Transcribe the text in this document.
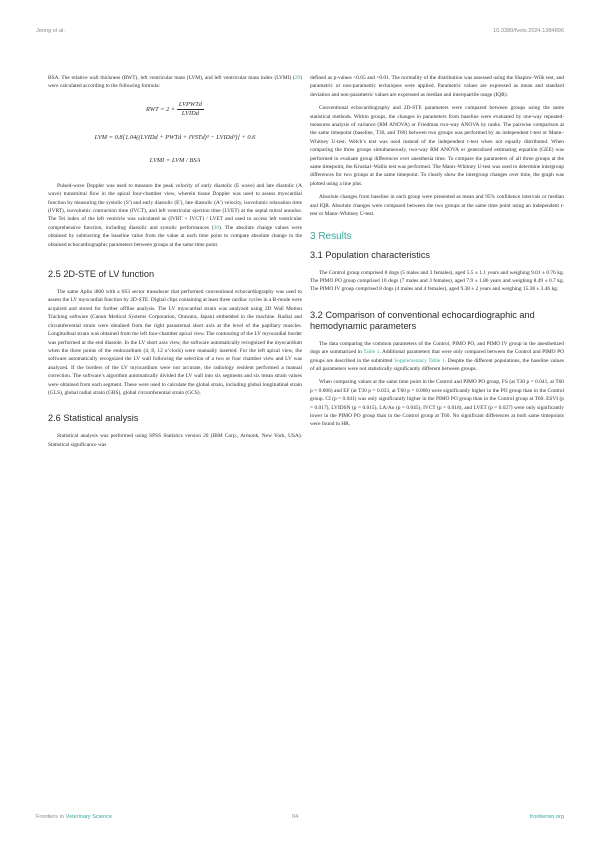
Jeong et al.	10.3389/fvets.2024.1384896

BSA. The relative wall thickness (RWT), left ventricular mass (LVM), and left ventricular mass index (LVMI) (29) were calculated according to the following formula:

RWT = $2 \times \frac{\text{LVPWTd}}{\text{LVIDd}}$
LVM = 0.8[1.04((LVIDd + PWTd + IVSTd)³ − LVIDd³)] + 0.6
LVMI = LVM / BSA

Pulsed-wave Doppler was used to measure the peak velocity of early diastolic (E wave) and late diastolic (A wave) transmitral flow in the apical four-chamber view, wherein tissue Doppler was used to assess myocardial function by measuring the systolic (S′) and early diastolic (E′), late diastolic (A′) velocity, isovolumic relaxation time (IVRT), isovolumic contraction time (IVCT), and left ventricular ejection time (LVET) at the septal mitral annulus. The Tei index of the left ventricle was calculated as (IVRT + IVCT) / LVET and used to access left ventricular comprehensive function, including diastolic and systolic performances (30). The absolute change values were obtained by subtracting the baseline value from the value at each time point to compare absolute change in the obtained echocardiographic parameters between groups at the same time point.

2.5 2D-STE of LV function

The same Aplio i800 with a 6S3 sector transducer that performed conventional echocardiography was used to assess the LV myocardial function by 2D-STE. Digital clips containing at least three cardiac cycles in a B-mode were acquired and stored for further offline analysis. The LV myocardial strain was analyzed using 2D Wall Motion Tracking software (Canon Medical Systems Corporation, Otawara, Japan) embedded in the machine. Radial and circumferential strain were obtained from the right parasternal short axis at the level of the papillary muscles. Longitudinal strain was obtained from the left four-chamber apical view. The contouring of the LV myocardial border was performed at the end diastole. In the LV short axis view, the software automatically recognized the myocardium when the three points of the endocardium (4, 8, 12 o’clock) were manually inserted. For the left apical view, the software automatically recognized the LV wall following the selection of a two or four chamber view and LV was analyzed. If the borders of the LV myocardium were not accurate, the radiology resident performed a manual correction. The software’s algorithm automatically divided the LV wall into six segments and six mean strain values were obtained from each segment. These were used to calculate the global strain, including global longitudinal strain (GLS), global radial strain (GRS), global circumferential strain (GCS).

2.6 Statistical analysis

Statistical analysis was performed using SPSS Statistics version 20 (IBM Corp., Armonk, New York, USA). Statistical significance was

defined as p-values <0.05 and <0.01. The normality of the distribution was assessed using the Shapiro–Wilk test, and parametric or non-parametric techniques were applied. Parametric values are expressed as mean and standard deviation and non-parametric values are expressed as median and interquartile range (IQR).

Conventional echocardiography and 2D-STE parameters were compared between groups using the same statistical methods. Within groups, the changes in parameters from baseline were evaluated by one-way repeated-measures analysis of variance (RM ANOVA) or Friedman two-way ANOVA by ranks. The pairwise comparison at the same timepoint (baseline, T30, and T60) between two groups was performed by an independent t-test or Mann–Whitney U-test. Welch’s test was used instead of the independent t-test when not equally distributed. When comparing the three groups simultaneously, two-way RM ANOVA or generalized estimating equation (GEE) was performed to evaluate group differences over anesthesia time. To compare the parameters of all three groups at the same timepoint, the Kruskal–Wallis test was performed. The Mann–Whitney U-test was used to determine intergroup differences for two groups at the same timepoint. To clearly show the intergroup changes over time, the graph was plotted using a line plot.

Absolute changes from baseline in each group were presented as mean and 95% confidence intervals or median and IQR. Absolute changes were compared between the two groups at the same time point using an independent t-test or Mann–Whitney U-test.

3 Results
3.1 Population characteristics

The Control group comprised 8 dogs (5 males and 3 females), aged 5.5 ± 1.1 years and weighing 9.01 ± 0.76 kg. The PIMO PO group comprised 10 dogs (7 males and 3 females), aged 7.9 ± 1.86 years and weighing 8.49 ± 0.7 kg. The PIMO IV group comprised 8 dogs (4 males and 4 females), aged 9.38 ± 2 years and weighing 15.38 ± 3.46 kg.

3.2 Comparison of conventional echocardiographic and hemodynamic parameters

The data comparing the common parameters of the Control, PIMO PO, and PIMO IV group in the anesthetized dogs are summarized in Table 1. Additional parameters that were only compared between the Control and PIMO PO groups are described in the submitted Supplementary Table 1. Despite the different populations, the baseline values of all parameters were not statistically significantly different between groups.

When comparing values at the same time point in the Control and PIMO PO group, FS (at T30 p = 0.041, at T60 p = 0.006) and EF (at T30 p = 0.033, at T60 p = 0.006) were significantly higher in the PO group than in the Control group. CI (p = 0.041) was only significantly higher in the PIMO PO group than in the Control group at T60. ESVI (p = 0.017), LVIDSN (p = 0.015), LA/Ao (p = 0.045), IVCT (p = 0.018), and LVET (p = 0.027) were only significantly lower in the PIMO PO group than in the Control group at T60. No significant differences at both same timepoints were found in HR,

Frontiers in Veterinary Science	04	frontiersin.org
